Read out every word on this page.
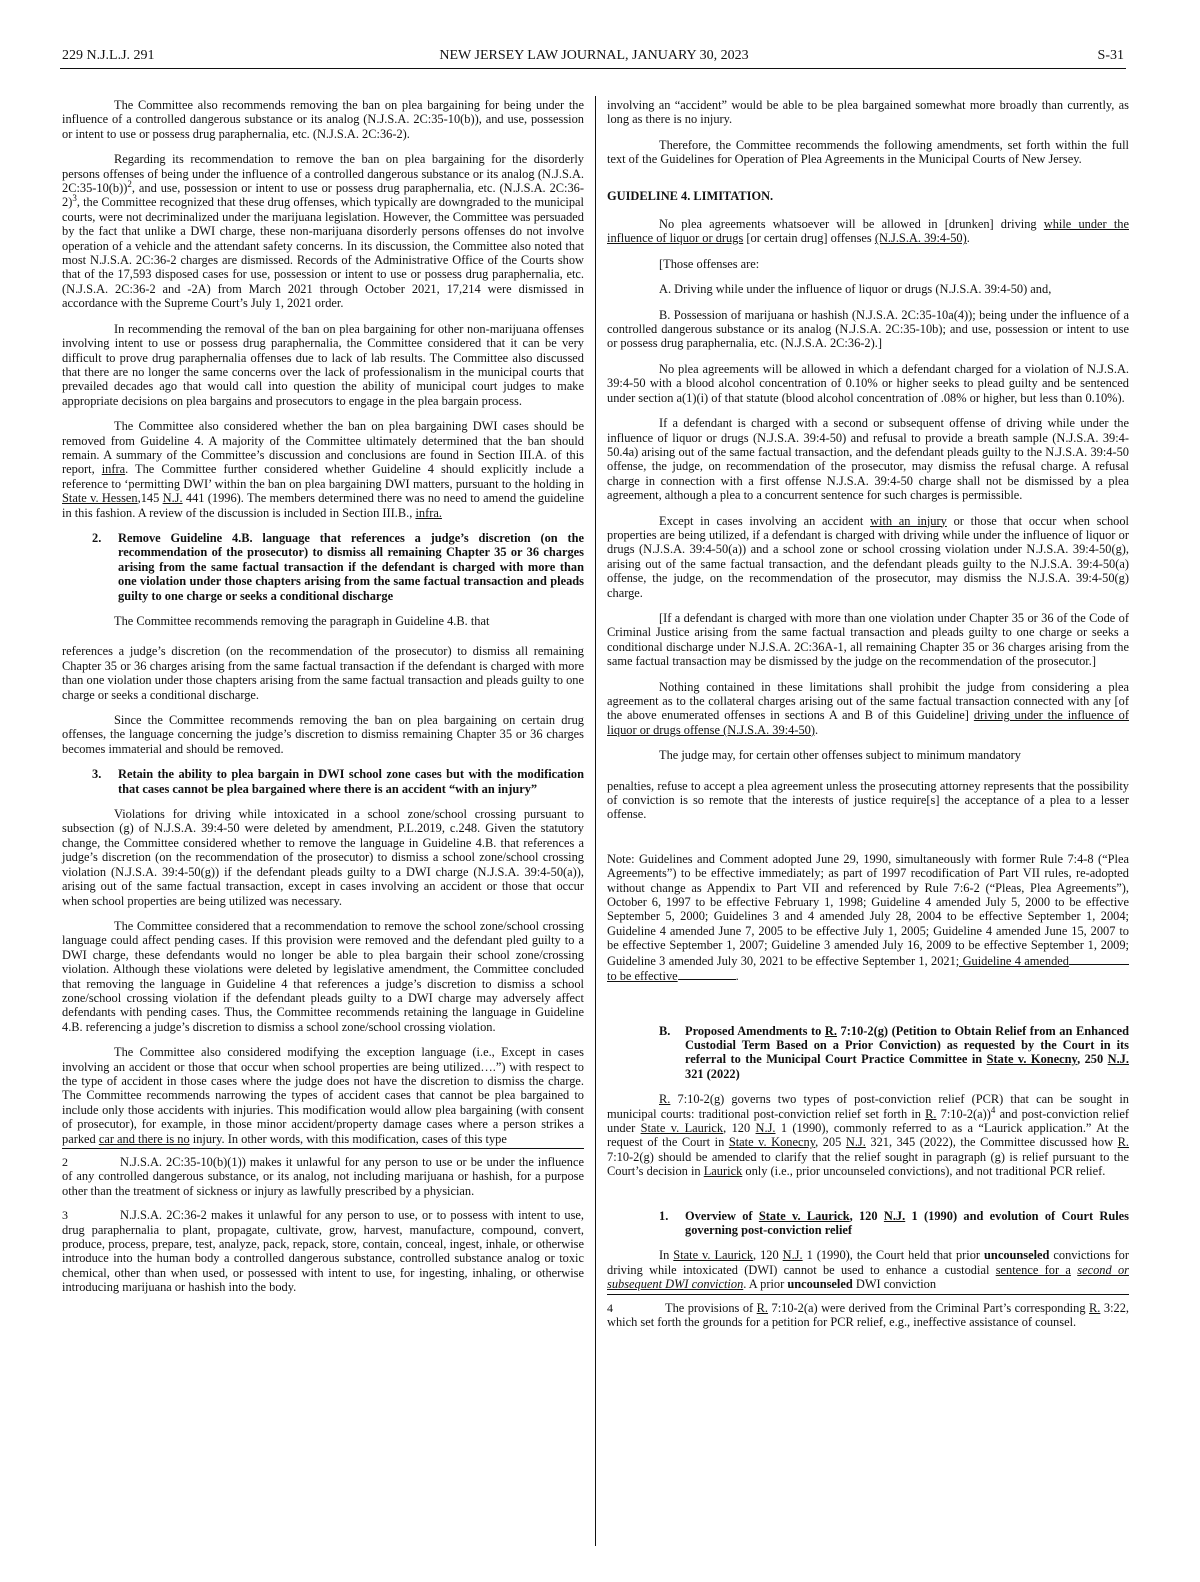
229 N.J.L.J. 291	NEW JERSEY LAW JOURNAL, JANUARY 30, 2023	S-31

The Committee also recommends removing the ban on plea bargaining for being under the influence of a controlled dangerous substance or its analog (N.J.S.A. 2C:35-10(b)), and use, possession or intent to use or possess drug paraphernalia, etc. (N.J.S.A. 2C:36-2).

Regarding its recommendation to remove the ban on plea bargaining for the disorderly persons offenses of being under the influence of a controlled dangerous substance or its analog (N.J.S.A. 2C:35-10(b))$^2$, and use, possession or intent to use or possess drug paraphernalia, etc. (N.J.S.A. 2C:36-2)$^3$, the Committee recognized that these drug offenses, which typically are downgraded to the municipal courts, were not decriminalized under the marijuana legislation. However, the Committee was persuaded by the fact that unlike a DWI charge, these non-marijuana disorderly persons offenses do not involve operation of a vehicle and the attendant safety concerns. In its discussion, the Committee also noted that most N.J.S.A. 2C:36-2 charges are dismissed. Records of the Administrative Office of the Courts show that of the 17,593 disposed cases for use, possession or intent to use or possess drug paraphernalia, etc. (N.J.S.A. 2C:36-2 and -2A) from March 2021 through October 2021, 17,214 were dismissed in accordance with the Supreme Court’s July 1, 2021 order.

In recommending the removal of the ban on plea bargaining for other non-marijuana offenses involving intent to use or possess drug paraphernalia, the Committee considered that it can be very difficult to prove drug paraphernalia offenses due to lack of lab results. The Committee also discussed that there are no longer the same concerns over the lack of professionalism in the municipal courts that prevailed decades ago that would call into question the ability of municipal court judges to make appropriate decisions on plea bargains and prosecutors to engage in the plea bargain process.

The Committee also considered whether the ban on plea bargaining DWI cases should be removed from Guideline 4. A majority of the Committee ultimately determined that the ban should remain. A summary of the Committee’s discussion and conclusions are found in Section III.A. of this report, infra. The Committee further considered whether Guideline 4 should explicitly include a reference to ‘permitting DWI’ within the ban on plea bargaining DWI matters, pursuant to the holding in State v. Hessen,145 N.J. 441 (1996). The members determined there was no need to amend the guideline in this fashion. A review of the discussion is included in Section III.B., infra.

2.	Remove Guideline 4.B. language that references a judge’s discretion (on the recommendation of the prosecutor) to dismiss all remaining Chapter 35 or 36 charges arising from the same factual transaction if the defendant is charged with more than one violation under those chapters arising from the same factual transaction and pleads guilty to one charge or seeks a conditional discharge

The Committee recommends removing the paragraph in Guideline 4.B. that

references a judge’s discretion (on the recommendation of the prosecutor) to dismiss all remaining Chapter 35 or 36 charges arising from the same factual transaction if the defendant is charged with more than one violation under those chapters arising from the same factual transaction and pleads guilty to one charge or seeks a conditional discharge.

Since the Committee recommends removing the ban on plea bargaining on certain drug offenses, the language concerning the judge’s discretion to dismiss remaining Chapter 35 or 36 charges becomes immaterial and should be removed.

3.	Retain the ability to plea bargain in DWI school zone cases but with the modification that cases cannot be plea bargained where there is an accident “with an injury”

Violations for driving while intoxicated in a school zone/school crossing pursuant to subsection (g) of N.J.S.A. 39:4-50 were deleted by amendment, P.L.2019, c.248. Given the statutory change, the Committee considered whether to remove the language in Guideline 4.B. that references a judge’s discretion (on the recommendation of the prosecutor) to dismiss a school zone/school crossing violation (N.J.S.A. 39:4-50(g)) if the defendant pleads guilty to a DWI charge (N.J.S.A. 39:4-50(a)), arising out of the same factual transaction, except in cases involving an accident or those that occur when school properties are being utilized was necessary.

The Committee considered that a recommendation to remove the school zone/school crossing language could affect pending cases. If this provision were removed and the defendant pled guilty to a DWI charge, these defendants would no longer be able to plea bargain their school zone/crossing violation. Although these violations were deleted by legislative amendment, the Committee concluded that removing the language in Guideline 4 that references a judge’s discretion to dismiss a school zone/school crossing violation if the defendant pleads guilty to a DWI charge may adversely affect defendants with pending cases. Thus, the Committee recommends retaining the language in Guideline 4.B. referencing a judge’s discretion to dismiss a school zone/school crossing violation.

The Committee also considered modifying the exception language (i.e., Except in cases involving an accident or those that occur when school properties are being utilized….”) with respect to the type of accident in those cases where the judge does not have the discretion to dismiss the charge. The Committee recommends narrowing the types of accident cases that cannot be plea bargained to include only those accidents with injuries. This modification would allow plea bargaining (with consent of prosecutor), for example, in those minor accident/property damage cases where a person strikes a parked car and there is no injury. In other words, with this modification, cases of this type

2	N.J.S.A. 2C:35-10(b)(1)) makes it unlawful for any person to use or be under the influence of any controlled dangerous substance, or its analog, not including marijuana or hashish, for a purpose other than the treatment of sickness or injury as lawfully prescribed by a physician.
3	N.J.S.A. 2C:36-2 makes it unlawful for any person to use, or to possess with intent to use, drug paraphernalia to plant, propagate, cultivate, grow, harvest, manufacture, compound, convert, produce, process, prepare, test, analyze, pack, repack, store, contain, conceal, ingest, inhale, or otherwise introduce into the human body a controlled dangerous substance, controlled substance analog or toxic chemical, other than when used, or possessed with intent to use, for ingesting, inhaling, or otherwise introducing marijuana or hashish into the body.

involving an “accident” would be able to be plea bargained somewhat more broadly than currently, as long as there is no injury.

Therefore, the Committee recommends the following amendments, set forth within the full text of the Guidelines for Operation of Plea Agreements in the Municipal Courts of New Jersey.

GUIDELINE 4. LIMITATION.

No plea agreements whatsoever will be allowed in [drunken] driving while under the influence of liquor or drugs [or certain drug] offenses (N.J.S.A. 39:4-50).

[Those offenses are:

A. Driving while under the influence of liquor or drugs (N.J.S.A. 39:4-50) and,

B. Possession of marijuana or hashish (N.J.S.A. 2C:35-10a(4)); being under the influence of a controlled dangerous substance or its analog (N.J.S.A. 2C:35-10b); and use, possession or intent to use or possess drug paraphernalia, etc. (N.J.S.A. 2C:36-2).]

No plea agreements will be allowed in which a defendant charged for a violation of N.J.S.A. 39:4-50 with a blood alcohol concentration of 0.10% or higher seeks to plead guilty and be sentenced under section a(1)(i) of that statute (blood alcohol concentration of .08% or higher, but less than 0.10%).

If a defendant is charged with a second or subsequent offense of driving while under the influence of liquor or drugs (N.J.S.A. 39:4-50) and refusal to provide a breath sample (N.J.S.A. 39:4-50.4a) arising out of the same factual transaction, and the defendant pleads guilty to the N.J.S.A. 39:4-50 offense, the judge, on recommendation of the prosecutor, may dismiss the refusal charge. A refusal charge in connection with a first offense N.J.S.A. 39:4-50 charge shall not be dismissed by a plea agreement, although a plea to a concurrent sentence for such charges is permissible.

Except in cases involving an accident with an injury or those that occur when school properties are being utilized, if a defendant is charged with driving while under the influence of liquor or drugs (N.J.S.A. 39:4-50(a)) and a school zone or school crossing violation under N.J.S.A. 39:4-50(g), arising out of the same factual transaction, and the defendant pleads guilty to the N.J.S.A. 39:4-50(a) offense, the judge, on the recommendation of the prosecutor, may dismiss the N.J.S.A. 39:4-50(g) charge.

[If a defendant is charged with more than one violation under Chapter 35 or 36 of the Code of Criminal Justice arising from the same factual transaction and pleads guilty to one charge or seeks a conditional discharge under N.J.S.A. 2C:36A-1, all remaining Chapter 35 or 36 charges arising from the same factual transaction may be dismissed by the judge on the recommendation of the prosecutor.]

Nothing contained in these limitations shall prohibit the judge from considering a plea agreement as to the collateral charges arising out of the same factual transaction connected with any [of the above enumerated offenses in sections A and B of this Guideline] driving under the influence of liquor or drugs offense (N.J.S.A. 39:4-50).

The judge may, for certain other offenses subject to minimum mandatory

penalties, refuse to accept a plea agreement unless the prosecuting attorney represents that the possibility of conviction is so remote that the interests of justice require[s] the acceptance of a plea to a lesser offense.

Note: Guidelines and Comment adopted June 29, 1990, simultaneously with former Rule 7:4-8 (“Plea Agreements”) to be effective immediately; as part of 1997 recodification of Part VII rules, re-adopted without change as Appendix to Part VII and referenced by Rule 7:6-2 (“Pleas, Plea Agreements”), October 6, 1997 to be effective February 1, 1998; Guideline 4 amended July 5, 2000 to be effective September 5, 2000; Guidelines 3 and 4 amended July 28, 2004 to be effective September 1, 2004; Guideline 4 amended June 7, 2005 to be effective July 1, 2005; Guideline 4 amended June 15, 2007 to be effective September 1, 2007; Guideline 3 amended July 16, 2009 to be effective September 1, 2009; Guideline 3 amended July 30, 2021 to be effective September 1, 2021; Guideline 4 amended to be effective	.

B.	Proposed Amendments to R. 7:10-2(g) (Petition to Obtain Relief from an Enhanced Custodial Term Based on a Prior Conviction) as requested by the Court in its referral to the Municipal Court Practice Committee in State v. Konecny, 250 N.J. 321 (2022)

R. 7:10-2(g) governs two types of post-conviction relief (PCR) that can be sought in municipal courts: traditional post-conviction relief set forth in R. 7:10-2(a))$^4$ and post-conviction relief under State v. Laurick, 120 N.J. 1 (1990), commonly referred to as a “Laurick application.” At the request of the Court in State v. Konecny, 205 N.J. 321, 345 (2022), the Committee discussed how R. 7:10-2(g) should be amended to clarify that the relief sought in paragraph (g) is relief pursuant to the Court’s decision in Laurick only (i.e., prior uncounseled convictions), and not traditional PCR relief.

1.	Overview of State v. Laurick, 120 N.J. 1 (1990) and evolution of Court Rules governing post-conviction relief

In State v. Laurick, 120 N.J. 1 (1990), the Court held that prior uncounseled convictions for driving while intoxicated (DWI) cannot be used to enhance a custodial sentence for a second or subsequent DWI conviction. A prior uncounseled DWI conviction

4	The provisions of R. 7:10-2(a) were derived from the Criminal Part’s corresponding R. 3:22, which set forth the grounds for a petition for PCR relief, e.g., ineffective assistance of counsel.
